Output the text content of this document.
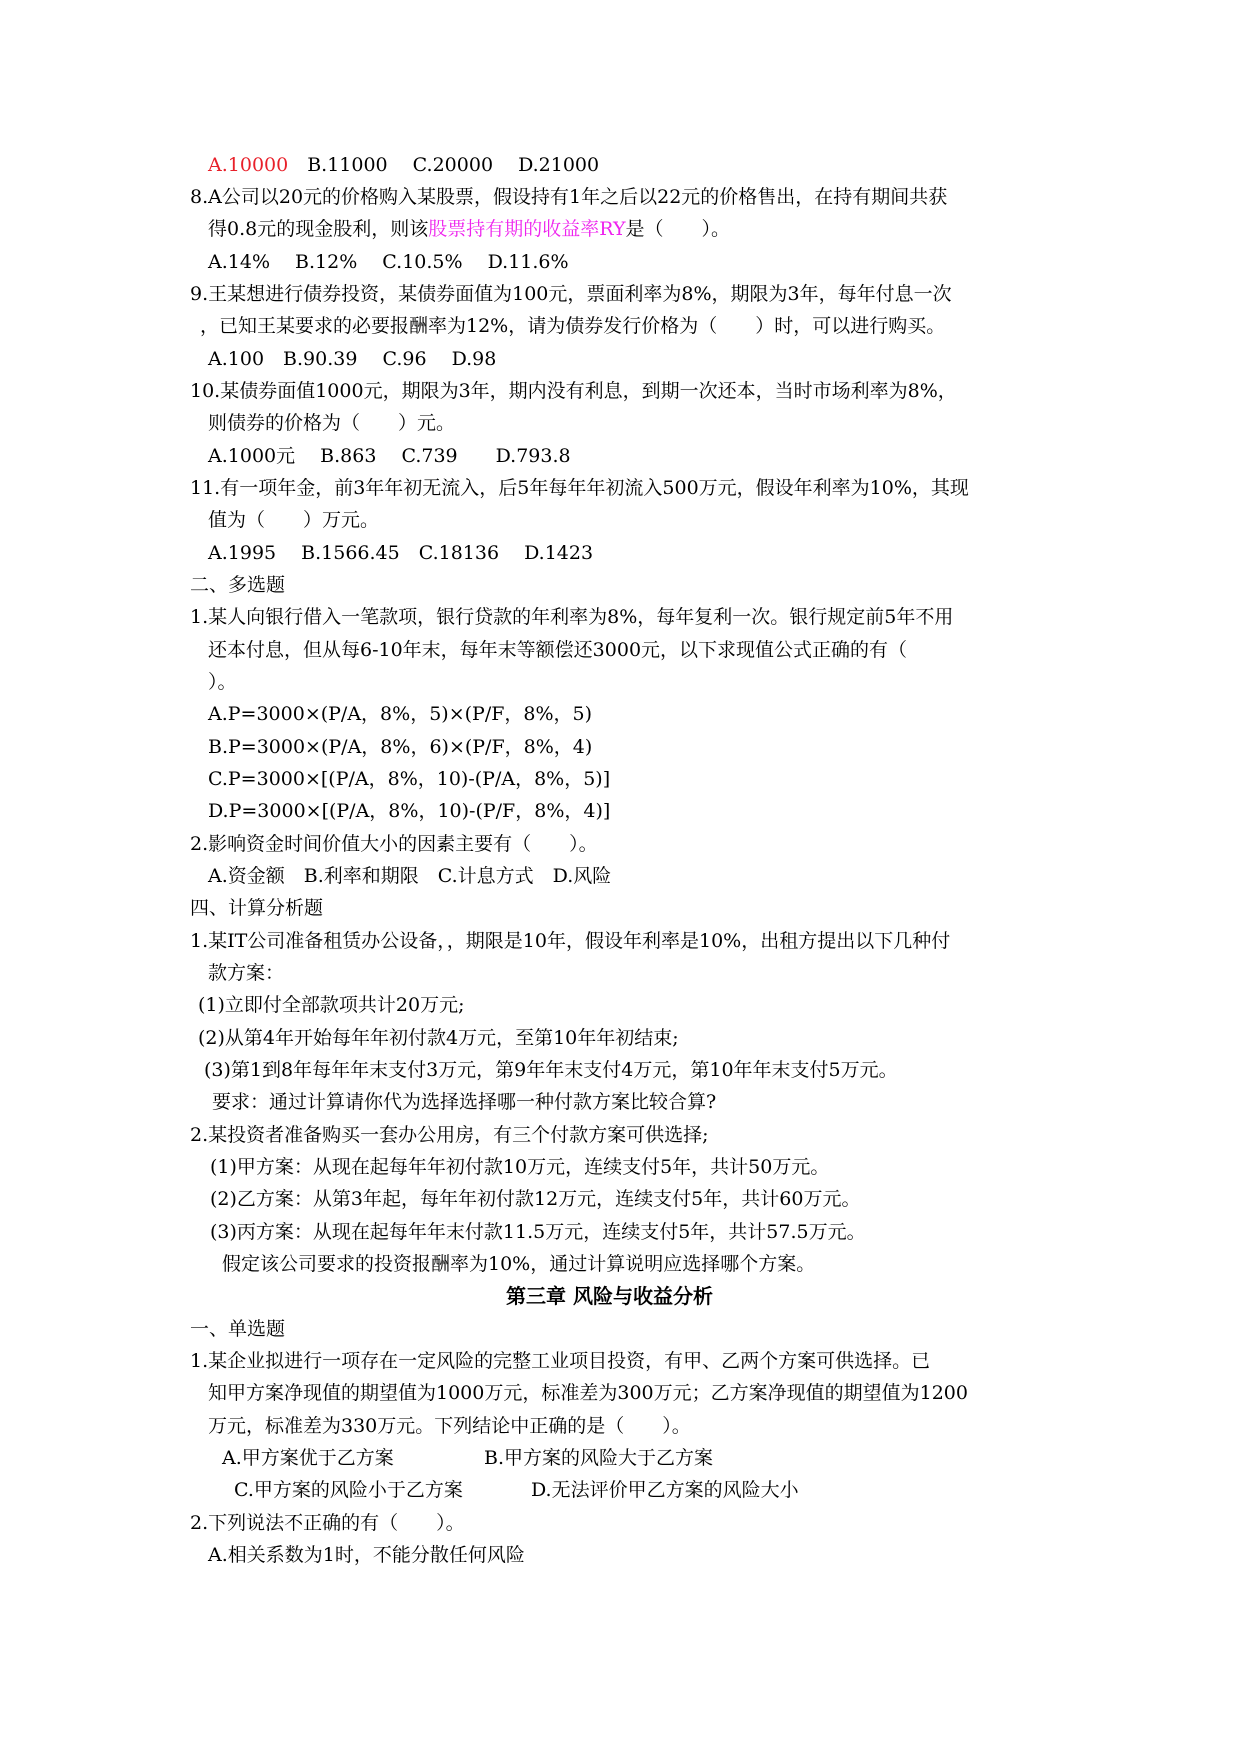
A.10000　B.11000　 C.20000　 D.21000
8.A公司以20元的价格购入某股票，假设持有1年之后以22元的价格售出，在持有期间共获
得0.8元的现金股利，则该股票持有期的收益率RY是（　　）。
A.14%　 B.12%　 C.10.5%　 D.11.6%
9.王某想进行债券投资，某债券面值为100元，票面利率为8%，期限为3年，每年付息一次
，已知王某要求的必要报酬率为12%，请为债券发行价格为（　　）时，可以进行购买。
A.100　B.90.39　 C.96　 D.98
10.某债券面值1000元，期限为3年，期内没有利息，到期一次还本，当时市场利率为8%，
则债券的价格为（　　）元。
A.1000元　 B.863　 C.739　　D.793.8
11.有一项年金，前3年年初无流入，后5年每年年初流入500万元，假设年利率为10%，其现
值为（　　）万元。
A.1995　 B.1566.45　C.18136　 D.1423
二、多选题
1.某人向银行借入一笔款项，银行贷款的年利率为8%，每年复利一次。银行规定前5年不用
还本付息，但从每6-10年末，每年末等额偿还3000元，以下求现值公式正确的有（
）。
A.P=3000×(P/A，8%，5)×(P/F，8%，5)
B.P=3000×(P/A，8%，6)×(P/F，8%，4)
C.P=3000×[(P/A，8%，10)-(P/A，8%，5)]
D.P=3000×[(P/A，8%，10)-(P/F，8%，4)]
2.影响资金时间价值大小的因素主要有（　　）。
A.资金额　B.利率和期限　C.计息方式　D.风险
四、计算分析题
1.某IT公司准备租赁办公设备，，期限是10年，假设年利率是10%，出租方提出以下几种付
款方案：
(1)立即付全部款项共计20万元;
(2)从第4年开始每年年初付款4万元，至第10年年初结束;
(3)第1到8年每年年末支付3万元，第9年年末支付4万元，第10年年末支付5万元。
要求：通过计算请你代为选择选择哪一种付款方案比较合算?
2.某投资者准备购买一套办公用房，有三个付款方案可供选择;
(1)甲方案：从现在起每年年初付款10万元，连续支付5年，共计50万元。
(2)乙方案：从第3年起，每年年初付款12万元，连续支付5年，共计60万元。
(3)丙方案：从现在起每年年末付款11.5万元，连续支付5年，共计57.5万元。
假定该公司要求的投资报酬率为10%，通过计算说明应选择哪个方案。
第三章 风险与收益分析
一、单选题
1.某企业拟进行一项存在一定风险的完整工业项目投资，有甲、乙两个方案可供选择。已
知甲方案净现值的期望值为1000万元，标准差为300万元；乙方案净现值的期望值为1200
万元，标准差为330万元。下列结论中正确的是（　　）。
A.甲方案优于乙方案	B.甲方案的风险大于乙方案
C.甲方案的风险小于乙方案	D.无法评价甲乙方案的风险大小
2.下列说法不正确的有（　　）。
A.相关系数为1时，不能分散任何风险
